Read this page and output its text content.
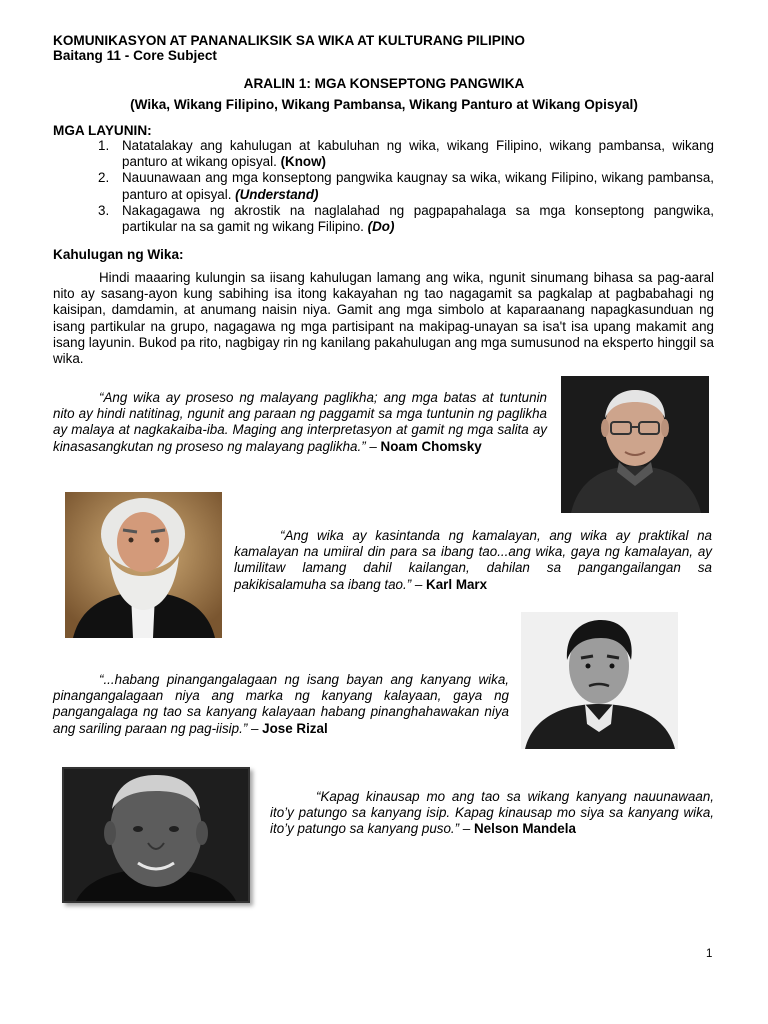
KOMUNIKASYON AT PANANALIKSIK SA WIKA AT KULTURANG PILIPINO
Baitang 11 - Core Subject
ARALIN 1: MGA KONSEPTONG PANGWIKA
(Wika, Wikang Filipino, Wikang Pambansa, Wikang Panturo at Wikang Opisyal)
MGA LAYUNIN:
1. Natatalakay ang kahulugan at kabuluhan ng wika, wikang Filipino, wikang pambansa, wikang panturo at wikang opisyal. (Know)
2. Nauunawaan ang mga konseptong pangwika kaugnay sa wika, wikang Filipino, wikang pambansa, panturo at opisyal. (Understand)
3. Nakagagawa ng akrostik na naglalahad ng pagpapahalaga sa mga konseptong pangwika, partikular na sa gamit ng wikang Filipino. (Do)
Kahulugan ng Wika:
Hindi maaaring kulungin sa iisang kahulugan lamang ang wika, ngunit sinumang bihasa sa pag-aaral nito ay sasang-ayon kung sabihing isa itong kakayahan ng tao nagagamit sa pagkalap at pagbabahagi ng kaisipan, damdamin, at anumang naisin niya. Gamit ang mga simbolo at kaparaanang napagkasunduan ng isang partikular na grupo, nagagawa ng mga partisipant na makipag-unayan sa isa't isa upang makamit ang isang layunin. Bukod pa rito, nagbigay rin ng kanilang pakahulugan ang mga sumusunod na eksperto hinggil sa wika.
“Ang wika ay proseso ng malayang paglikha; ang mga batas at tuntunin nito ay hindi natitinag, ngunit ang paraan ng paggamit sa mga tuntunin ng paglikha ay malaya at nagkakaiba-iba. Maging ang interpretasyon at gamit ng mga salita ay kinasasangkutan ng proseso ng malayang paglikha.” – Noam Chomsky
“Ang wika ay kasintanda ng kamalayan, ang wika ay praktikal na kamalayan na umiiral din para sa ibang tao...ang wika, gaya ng kamalayan, ay lumilitaw lamang dahil kailangan, dahilan sa pangangailangan sa pakikisalamuha sa ibang tao.” – Karl Marx
“...habang pinangangalagaan ng isang bayan ang kanyang wika, pinangangalagaan niya ang marka ng kanyang kalayaan, gaya ng pangangalaga ng tao sa kanyang kalayaan habang pinanghahawakan niya ang sariling paraan ng pag-iisip.” – Jose Rizal
“Kapag kinausap mo ang tao sa wikang kanyang nauunawaan, ito’y patungo sa kanyang isip. Kapag kinausap mo siya sa kanyang wika, ito’y patungo sa kanyang puso.” – Nelson Mandela
1
